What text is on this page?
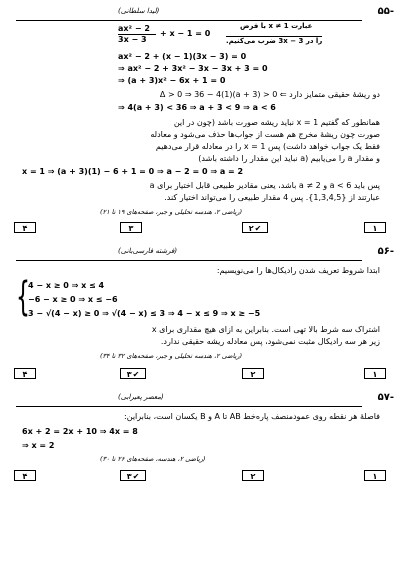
۵۵-
(لیدا سلطانی)
ax² − 2
3x − 3
+ x − 1 = 0
با فرض x ≠ 1 عبارت
را در 3x − 3 ضرب می‌کنیم.
ax² − 2 + (x − 1)(3x − 3) = 0
⇒ ax² − 2 + 3x² − 3x − 3x + 3 = 0
⇒ (a + 3)x² − 6x + 1 = 0
دو ریشهٔ حقیقی متمایز دارد ⇐ Δ > 0 ⇒ 36 − 4(1)(a + 3) > 0
⇒ 4(a + 3) < 36 ⇒ a + 3 < 9 ⇒ a < 6
همانطور که گفتیم x = 1 نباید ریشه صورت باشد (چون در این
صورت چون ریشهٔ مخرج هم هست از جواب‌ها حذف می‌شود و معادله
فقط یک جواب خواهد داشت) پس x = 1 را در معادله قرار می‌دهیم
و مقدار a را می‌یابیم (a نباید این مقدار را داشته باشد)
x = 1 ⇒ (a + 3)(1) − 6 + 1 = 0 ⇒ a − 2 = 0 ⇒ a = 2
پس باید a < 6 و a ≠ 2 باشد، یعنی مقادیر طبیعی قابل اختیار برای a
عبارتند از {1,3,4,5}. پس 4 مقدار طبیعی را می‌تواند اختیار کند.
(ریاضی ۲، هندسه تحلیلی و جبر، صفحه‌های ۱۹ تا ۲۱)
۴	۳	۲✔	۱
۵۶-
(فرشته فارسی‌بانی)
ابتدا شروط تعریف شدن رادیکال‌ها را می‌نویسیم:
{
4 − x ≥ 0 ⇒ x ≤ 4
−6 − x ≥ 0 ⇒ x ≤ −6
3 − √(4 − x) ≥ 0 ⇒ √(4 − x) ≤ 3 ⇒ 4 − x ≤ 9 ⇒ x ≥ −5
اشتراک سه شرط بالا تهی است. بنابراین به ازای هیچ مقداری برای x
زیر هر سه رادیکال مثبت نمی‌شود، پس معادله ریشه حقیقی ندارد.
(ریاضی ۲، هندسه تحلیلی و جبر، صفحه‌های ۳۲ تا ۳۴)
۴	۳✔	۲	۱
۵۷-
(معصر پعیرابی)
فاصلهٔ هر نقطه روی عمودمنصف پاره‌خط AB تا A و B یکسان است، بنابراین:
6x + 2 = 2x + 10 ⇒ 4x = 8
⇒ x = 2
(ریاضی ۲، هندسه، صفحه‌های ۲۶ تا ۳۰)
۴	۳✔	۲	۱
